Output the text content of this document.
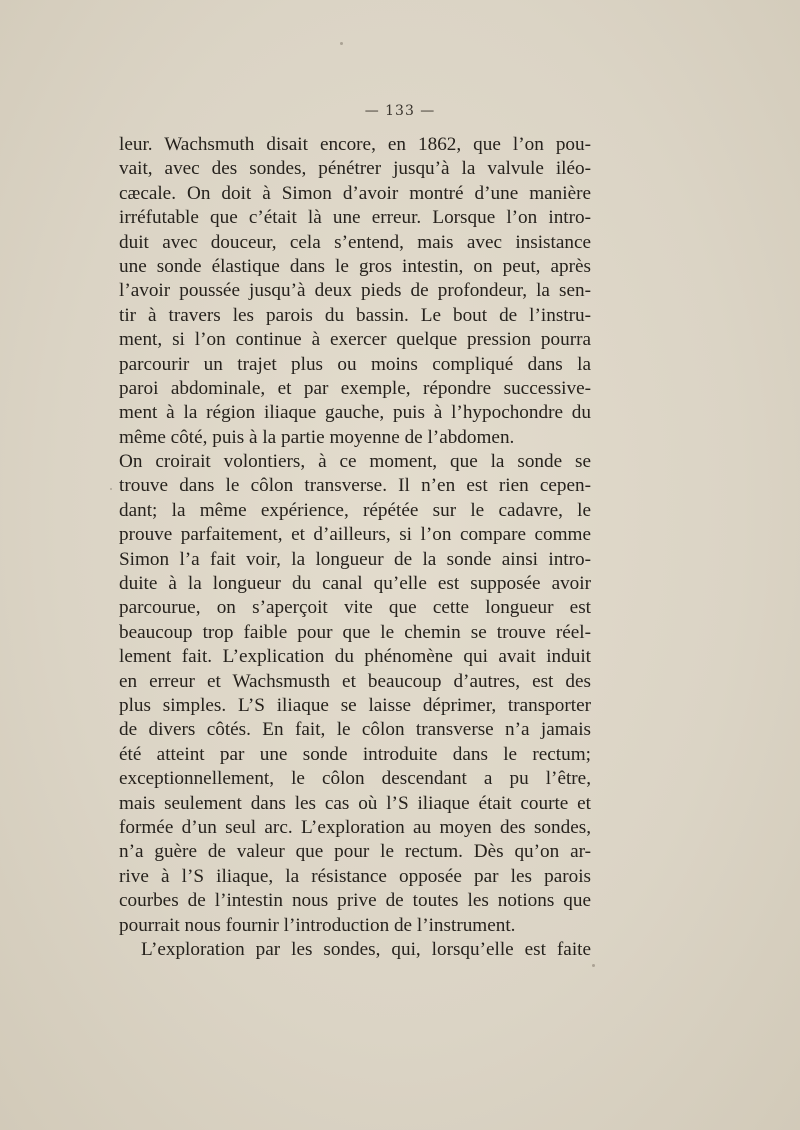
— 133 —
leur. Wachsmuth disait encore, en 1862, que l’on pou-
vait, avec des sondes, pénétrer jusqu’à la valvule iléo-
cæcale. On doit à Simon d’avoir montré d’une manière
irréfutable que c’était là une erreur. Lorsque l’on intro-
duit avec douceur, cela s’entend, mais avec insistance
une sonde élastique dans le gros intestin, on peut, après
l’avoir poussée jusqu’à deux pieds de profondeur, la sen-
tir à travers les parois du bassin. Le bout de l’instru-
ment, si l’on continue à exercer quelque pression pourra
parcourir un trajet plus ou moins compliqué dans la
paroi abdominale, et par exemple, répondre successive-
ment à la région iliaque gauche, puis à l’hypochondre du
même côté, puis à la partie moyenne de l’abdomen.
On croirait volontiers, à ce moment, que la sonde se
trouve dans le côlon transverse. Il n’en est rien cepen-
dant; la même expérience, répétée sur le cadavre, le
prouve parfaitement, et d’ailleurs, si l’on compare comme
Simon l’a fait voir, la longueur de la sonde ainsi intro-
duite à la longueur du canal qu’elle est supposée avoir
parcourue, on s’aperçoit vite que cette longueur est
beaucoup trop faible pour que le chemin se trouve réel-
lement fait. L’explication du phénomène qui avait induit
en erreur et Wachsmusth et beaucoup d’autres, est des
plus simples. L’S iliaque se laisse déprimer, transporter
de divers côtés. En fait, le côlon transverse n’a jamais
été atteint par une sonde introduite dans le rectum;
exceptionnellement, le côlon descendant a pu l’être,
mais seulement dans les cas où l’S iliaque était courte et
formée d’un seul arc. L’exploration au moyen des sondes,
n’a guère de valeur que pour le rectum. Dès qu’on ar-
rive à l’S iliaque, la résistance opposée par les parois
courbes de l’intestin nous prive de toutes les notions que
pourrait nous fournir l’introduction de l’instrument.
L’exploration par les sondes, qui, lorsqu’elle est faite
